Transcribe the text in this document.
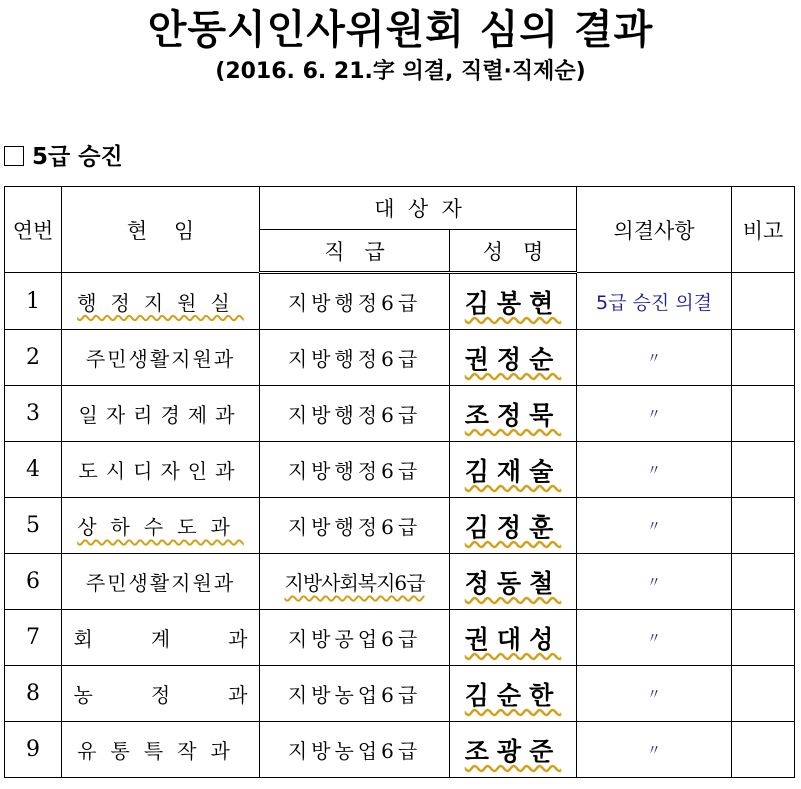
안동시인사위원회 심의 결과
(2016. 6. 21.字 의결, 직렬·직제순)
5급 승진
연번	현    임	대  상  자		의결사항	비고
		직   급	성   명		
1	행정지원실	지방행정6급	김봉현	5급 승진 의결	
2	주민생활지원과	지방행정6급	권정순	〃	
3	일자리경제과	지방행정6급	조정묵	〃	
4	도시디자인과	지방행정6급	김재술	〃	
5	상하수도과	지방행정6급	김정훈	〃	
6	주민생활지원과	지방사회복지6급	정동철	〃	
7	회계과	지방공업6급	권대성	〃	
8	농정과	지방농업6급	김순한	〃	
9	유통특작과	지방농업6급	조광준	〃	
